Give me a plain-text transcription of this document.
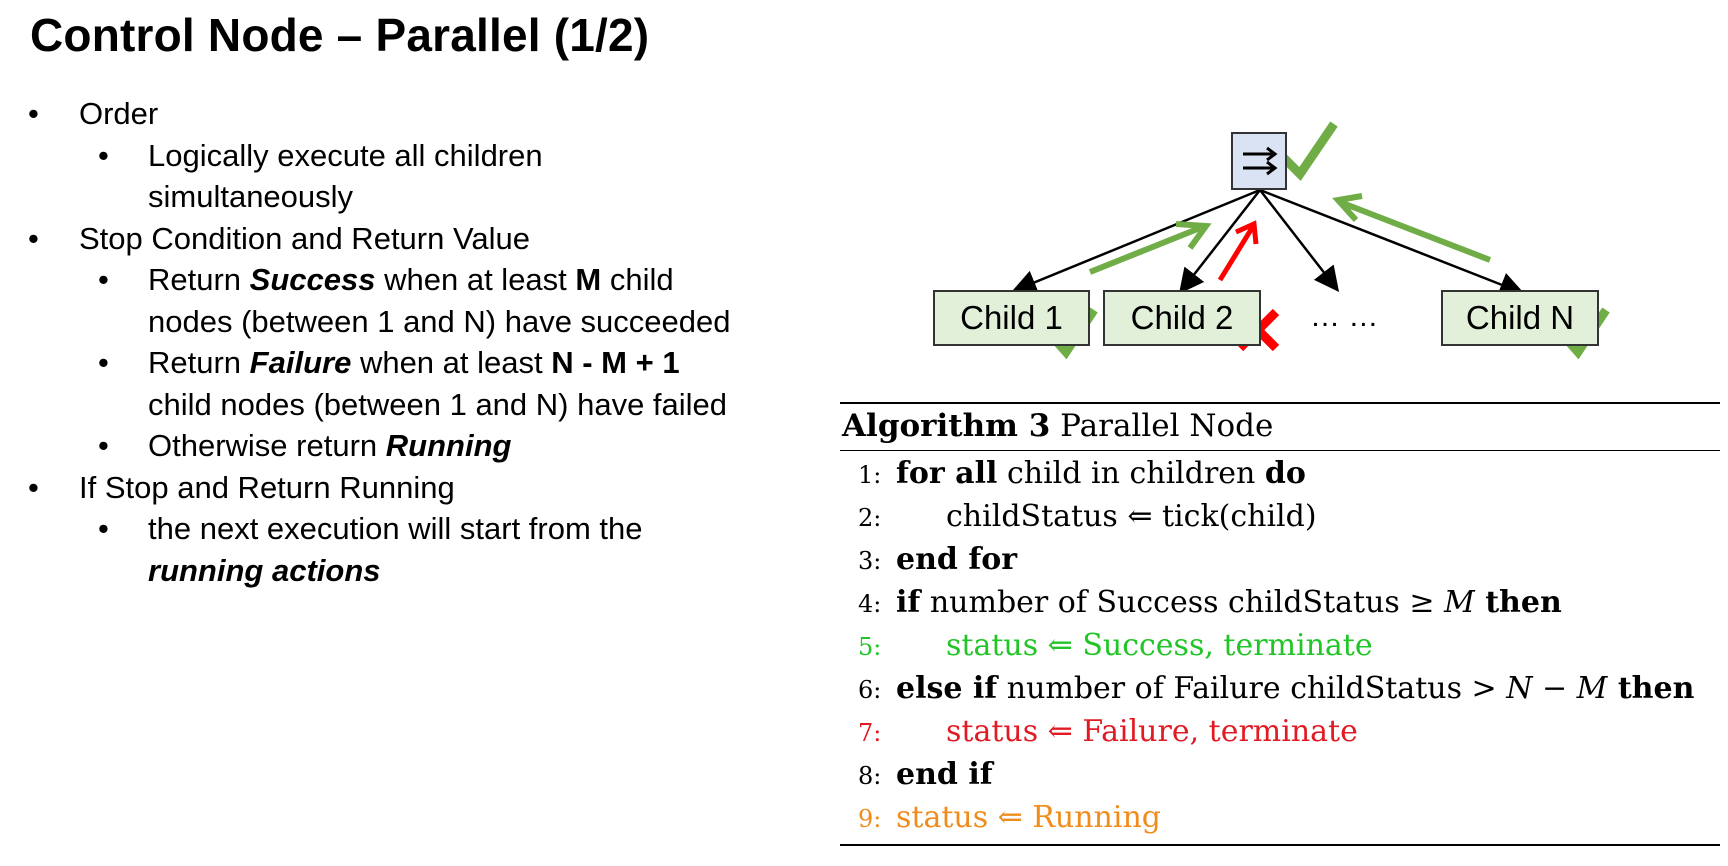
Control Node – Parallel (1/2)
• Order
• Logically execute all children
simultaneously
• Stop Condition and Return Value
• Return Success when at least M child
nodes (between 1 and N) have succeeded
• Return Failure when at least N - M + 1
child nodes (between 1 and N) have failed
• Otherwise return Running
• If Stop and Return Running
• the next execution will start from the
running actions
Child 1	Child 2	… …	Child N
Algorithm 3 Parallel Node
1: for all child in children do
2: childStatus ⇐ tick(child)
3: end for
4: if number of Success childStatus ≥ M then
5: status ⇐ Success, terminate
6: else if number of Failure childStatus > N − M then
7: status ⇐ Failure, terminate
8: end if
9: status ⇐ Running
